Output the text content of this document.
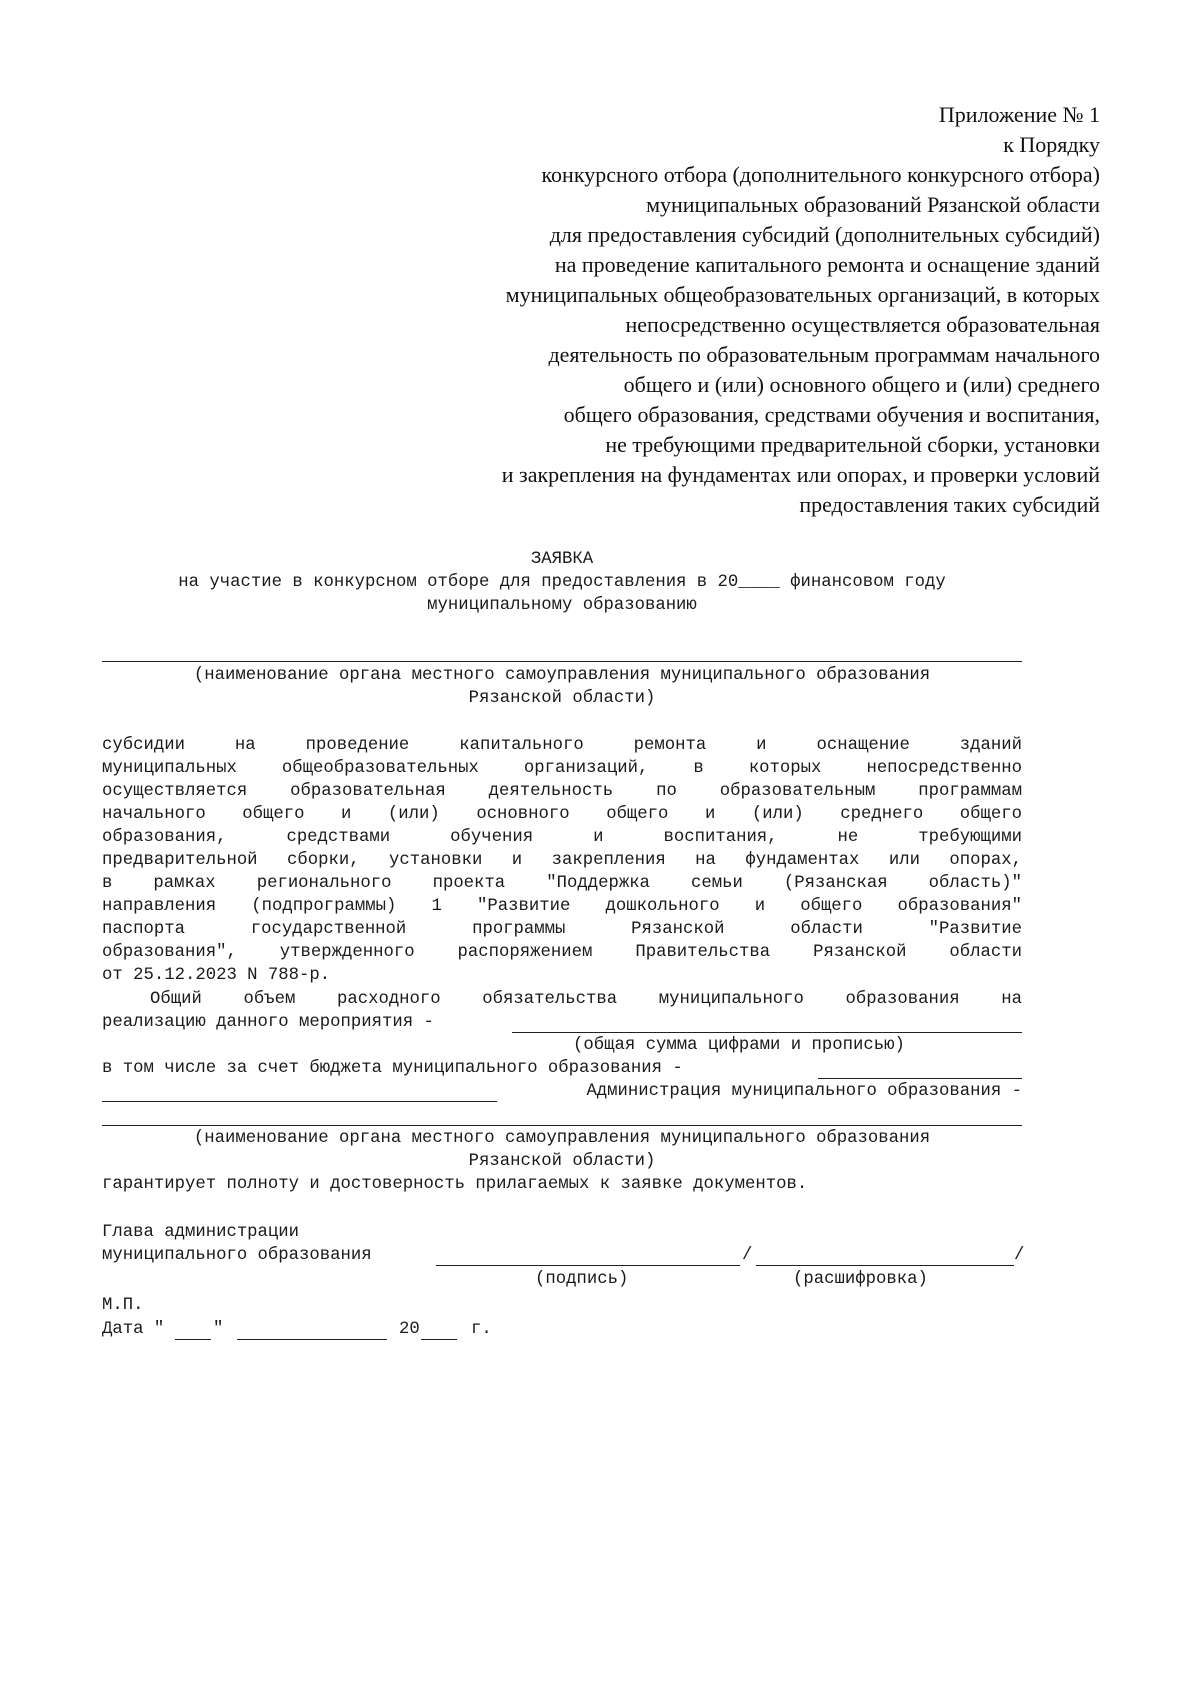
Приложение № 1
к Порядку
конкурсного отбора (дополнительного конкурсного отбора)
муниципальных образований Рязанской области
для предоставления субсидий (дополнительных субсидий)
на проведение капитального ремонта и оснащение зданий
муниципальных общеобразовательных организаций, в которых
непосредственно осуществляется образовательная
деятельность по образовательным программам начального
общего и (или) основного общего и (или) среднего
общего образования, средствами обучения и воспитания,
не требующими предварительной сборки, установки
и закрепления на фундаментах или опорах, и проверки условий
предоставления таких субсидий
ЗАЯВКА
на участие в конкурсном отборе для предоставления в 20____ финансовом году
муниципальному образованию
(наименование органа местного самоуправления муниципального образования
Рязанской области)
субсидии на проведение капитального ремонта и оснащение зданий
муниципальных общеобразовательных организаций, в которых непосредственно
осуществляется образовательная деятельность по образовательным программам
начального общего и (или) основного общего и (или) среднего общего
образования, средствами обучения и воспитания, не требующими
предварительной сборки, установки и закрепления на фундаментах или опорах,
в рамках регионального проекта "Поддержка семьи (Рязанская область)"
направления (подпрограммы) 1 "Развитие дошкольного и общего образования"
паспорта государственной программы Рязанской области "Развитие
образования", утвержденного распоряжением Правительства Рязанской области
от 25.12.2023 N 788-р.
Общий объем расходного обязательства муниципального образования на
реализацию данного мероприятия -
(общая сумма цифрами и прописью)
в том числе за счет бюджета муниципального образования -
Администрация муниципального образования -
(наименование органа местного самоуправления муниципального образования
Рязанской области)
гарантирует полноту и достоверность прилагаемых к заявке документов.
Глава администрации
муниципального образования	/	/
(подпись)	(расшифровка)
М.П.
Дата "	"	20	г.
